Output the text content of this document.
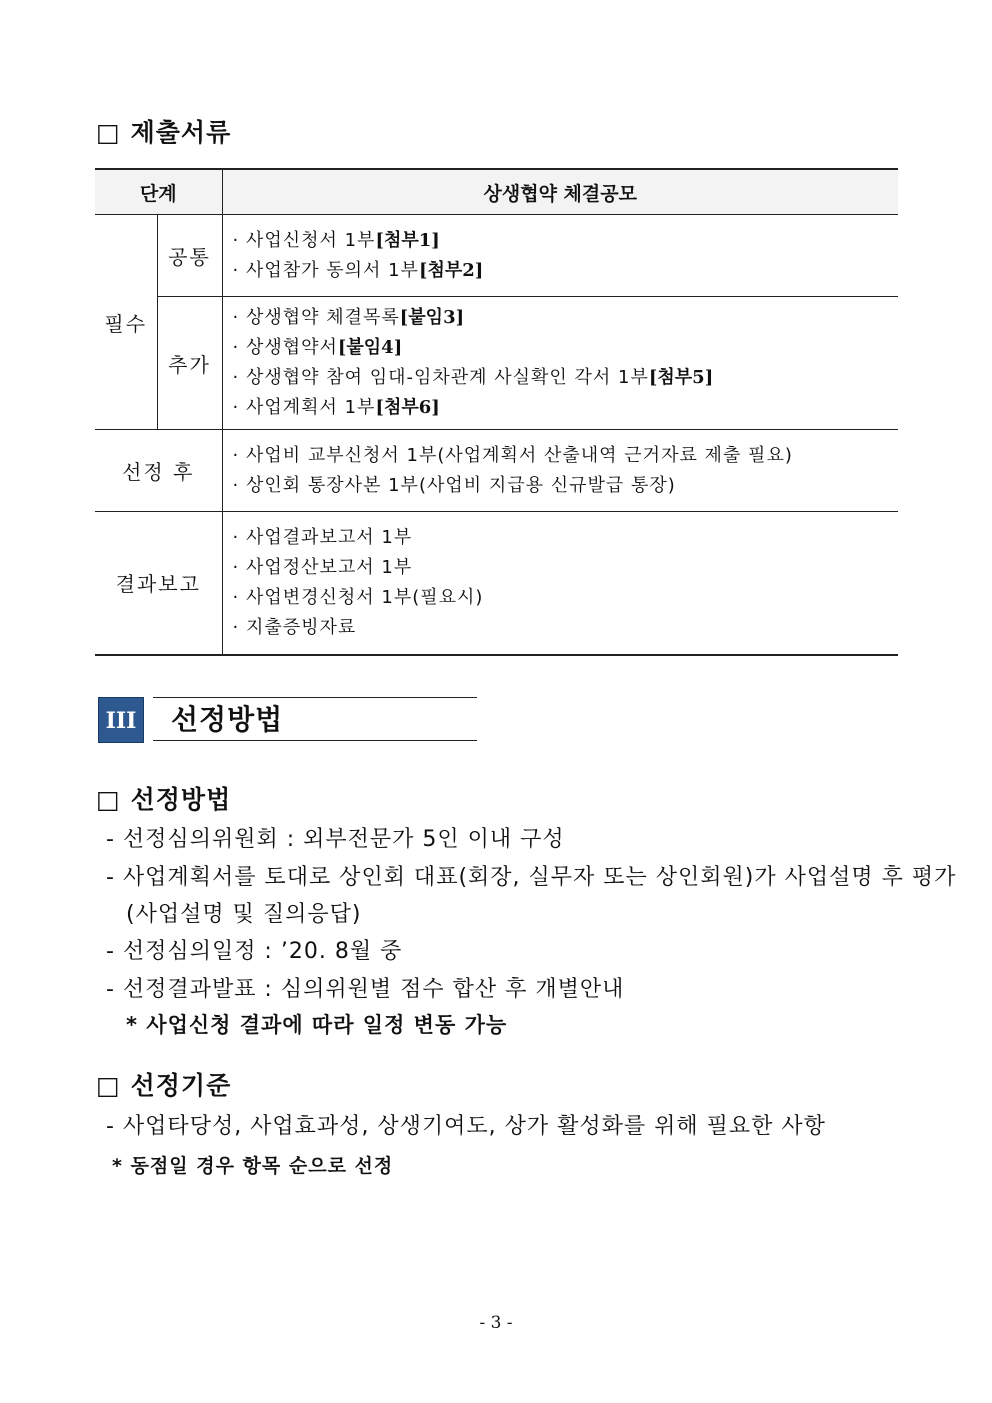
□ 제출서류
단계		상생협약 체결공모
필수	공통	· 사업신청서 1부[첨부1]
· 사업참가 동의서 1부[첨부2]

	추가	· 상생협약 체결목록[붙임3]
· 상생협약서[붙임4]
· 상생협약 참여 임대-임차관계 사실확인 각서 1부[첨부5]
· 사업계획서 1부[첨부6]

선정 후		· 사업비 교부신청서 1부(사업계획서 산출내역 근거자료 제출 필요)
· 상인회 통장사본 1부(사업비 지급용 신규발급 통장)

결과보고		· 사업결과보고서 1부
· 사업정산보고서 1부
· 사업변경신청서 1부(필요시)
· 지출증빙자료
III	선정방법
□ 선정방법
- 선정심의위원회 : 외부전문가 5인 이내 구성
- 사업계획서를 토대로 상인회 대표(회장, 실무자 또는 상인회원)가 사업설명 후 평가
(사업설명 및 질의응답)
- 선정심의일정 : ’20. 8월 중
- 선정결과발표 : 심의위원별 점수 합산 후 개별안내
* 사업신청 결과에 따라 일정 변동 가능
□ 선정기준
- 사업타당성, 사업효과성, 상생기여도, 상가 활성화를 위해 필요한 사항
* 동점일 경우 항목 순으로 선정
- 3 -
